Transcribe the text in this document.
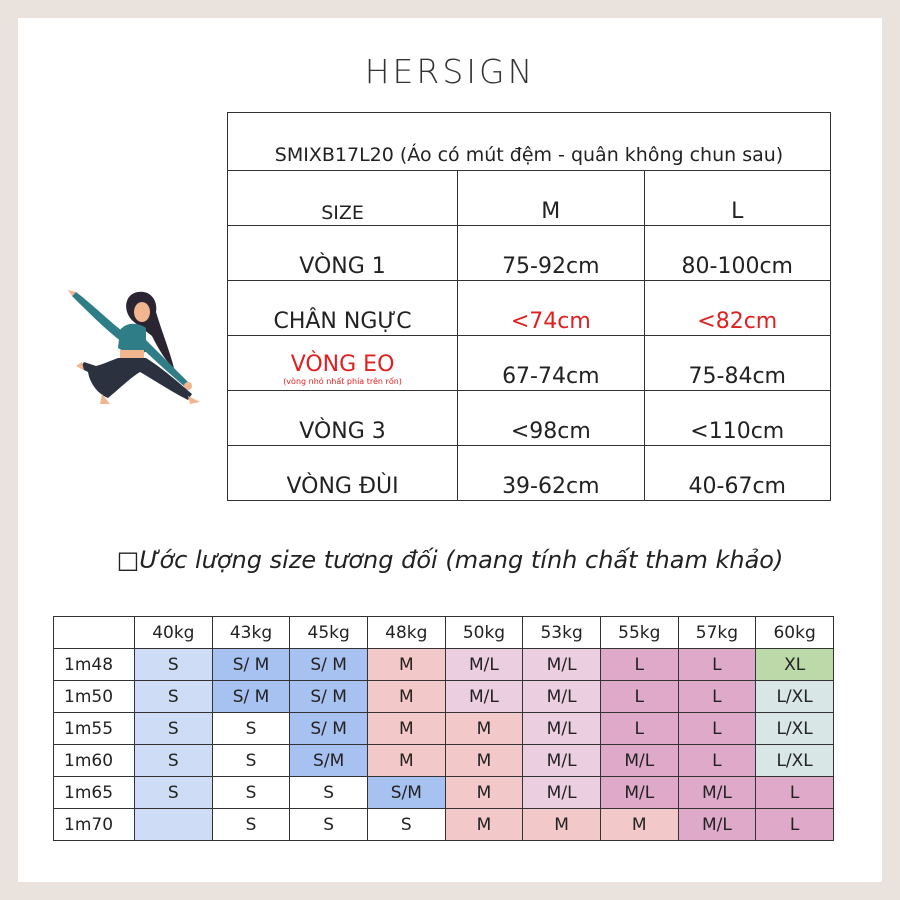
HERSIGN
SMIXB17L20 (Áo có mút đệm - quân không chun sau)		
SIZE	M	L
VÒNG 1	75-92cm	80-100cm
CHÂN NGỰC	<74cm	<82cm

VÒNG EO
(vòng nhỏ nhất phía trên rốn)	67-74cm	75-84cm
VÒNG 3	<98cm	<110cm
VÒNG ĐÙI	39-62cm	40-67cm
□Ước lượng size tương đối (mang tính chất tham khảo)
	40kg	43kg	45kg	48kg	50kg	53kg	55kg	57kg	60kg
1m48	S	S/ M	S/ M	M	M/L	M/L	L	L	XL
1m50	S	S/ M	S/ M	M	M/L	M/L	L	L	L/XL
1m55	S	S	S/ M	M	M	M/L	L	L	L/XL
1m60	S	S	S/M	M	M	M/L	M/L	L	L/XL
1m65	S	S	S	S/M	M	M/L	M/L	M/L	L
1m70		S	S	S	M	M	M	M/L	L
